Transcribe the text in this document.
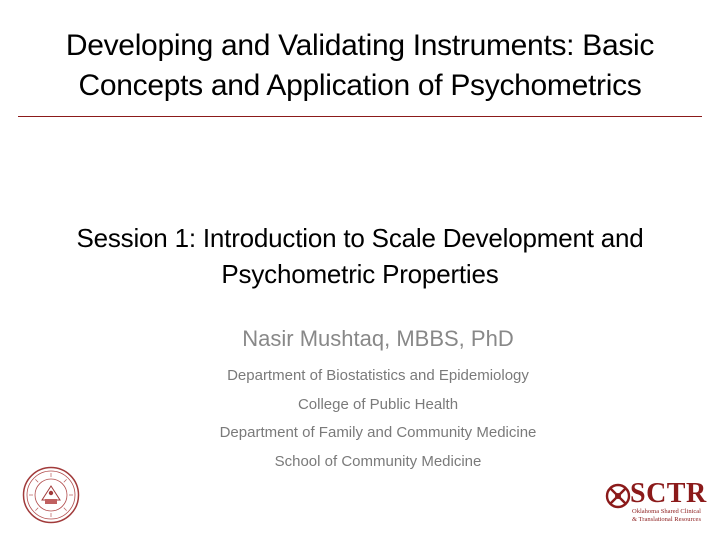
Developing and Validating Instruments: Basic
Concepts and Application of Psychometrics
Session 1: Introduction to Scale Development and
Psychometric Properties
Nasir Mushtaq, MBBS, PhD
Department of Biostatistics and Epidemiology
College of Public Health
Department of Family and Community Medicine
School of Community Medicine
SCTR
Oklahoma Shared Clinical
& Translational Resources
